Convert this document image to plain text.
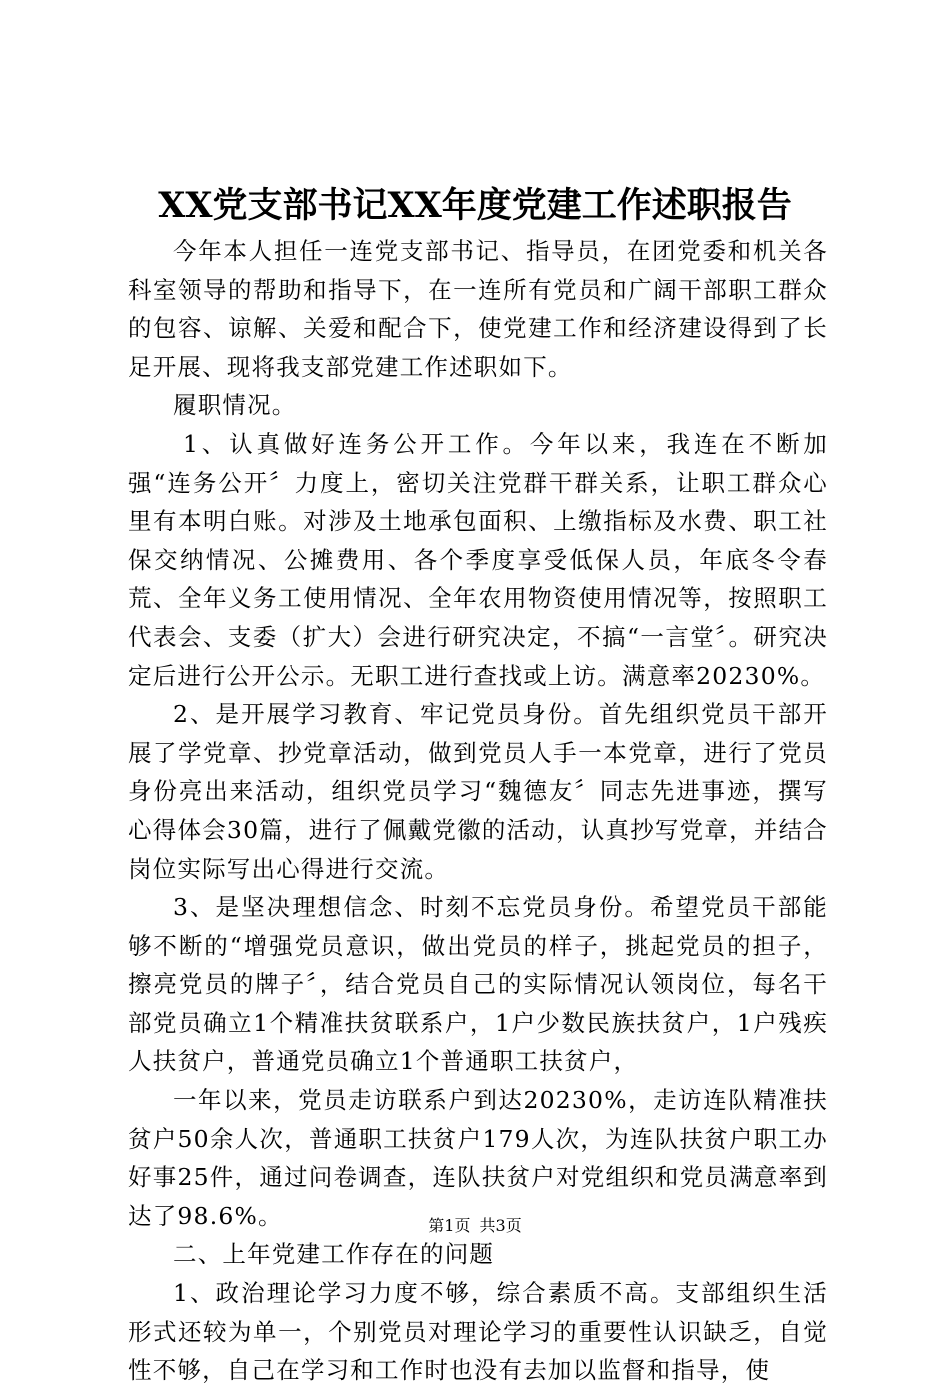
XX党支部书记XX年度党建工作述职报告

今年本人担任一连党支部书记、指导员，在团党委和机关各科室领导的帮助和指导下，在一连所有党员和广阔干部职工群众的包容、谅解、关爱和配合下，使党建工作和经济建设得到了长足开展、现将我支部党建工作述职如下。

履职情况。

1、认真做好连务公开工作。今年以来，我连在不断加强“连务公开〞力度上，密切关注党群干群关系，让职工群众心里有本明白账。对涉及土地承包面积、上缴指标及水费、职工社保交纳情况、公摊费用、各个季度享受低保人员，年底冬令春荒、全年义务工使用情况、全年农用物资使用情况等，按照职工代表会、支委（扩大）会进行研究决定，不搞“一言堂〞。研究决定后进行公开公示。无职工进行查找或上访。满意率20230%。

2、是开展学习教育、牢记党员身份。首先组织党员干部开展了学党章、抄党章活动，做到党员人手一本党章，进行了党员身份亮出来活动，组织党员学习“魏德友〞同志先进事迹，撰写心得体会30篇，进行了佩戴党徽的活动，认真抄写党章，并结合岗位实际写出心得进行交流。

3、是坚决理想信念、时刻不忘党员身份。希望党员干部能够不断的“增强党员意识，做出党员的样子，挑起党员的担子，擦亮党员的牌子〞，结合党员自己的实际情况认领岗位，每名干部党员确立1个精准扶贫联系户，1户少数民族扶贫户，1户残疾人扶贫户，普通党员确立1个普通职工扶贫户，

一年以来，党员走访联系户到达20230%，走访连队精准扶贫户50余人次，普通职工扶贫户179人次，为连队扶贫户职工办好事25件，通过问卷调查，连队扶贫户对党组织和党员满意率到达了98.6%。

二、上年党建工作存在的问题

1、政治理论学习力度不够，综合素质不高。支部组织生活形式还较为单一，个别党员对理论学习的重要性认识缺乏，自觉性不够，自己在学习和工作时也没有去加以监督和指导，使

第1页 共3页
